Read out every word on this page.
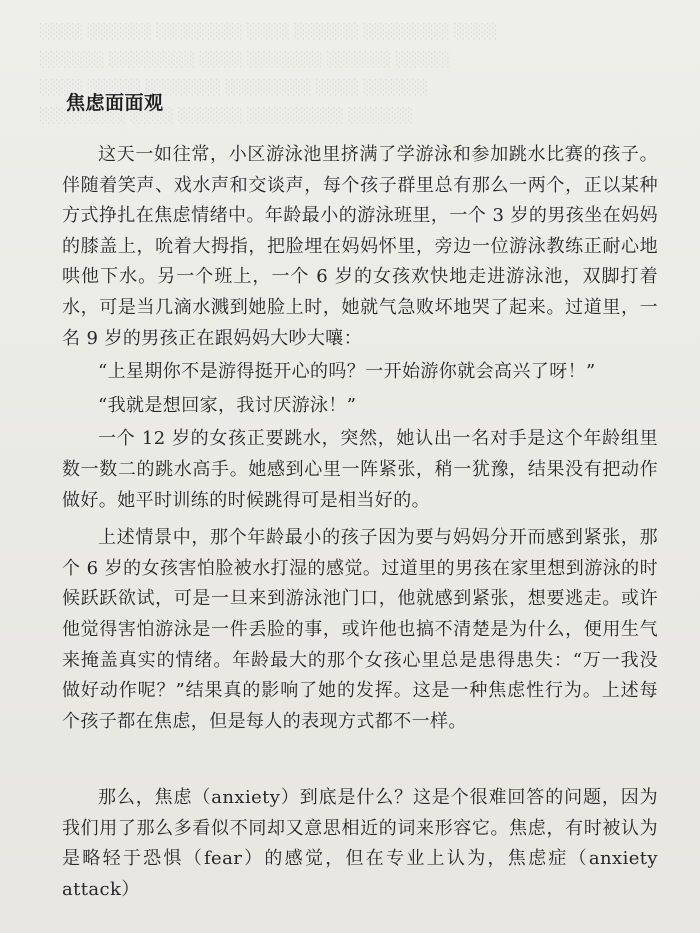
░░░░ ░░░░░░ ░░░░░░░░ ░░░░ ░░░░░░ ░░░░░░░░ ░░░░
░░░░░░ ░░░░░░░░ ░░░░ ░░░░░░░ ░░░░░░ ░░░░░
░░░░ ░░░░░ ░░░░░░░ ░░░░░░░░ ░░░░ ░░░░░░
░░░░░░░░ ░░░░ ░░░░░░ ░░░░░░░░░ ░░░░░░
焦虑面面观

这天一如往常，小区游泳池里挤满了学游泳和参加跳水比赛的孩子。伴随着笑声、戏水声和交谈声，每个孩子群里总有那么一两个，正以某种方式挣扎在焦虑情绪中。年龄最小的游泳班里，一个 3 岁的男孩坐在妈妈的膝盖上，吮着大拇指，把脸埋在妈妈怀里，旁边一位游泳教练正耐心地哄他下水。另一个班上，一个 6 岁的女孩欢快地走进游泳池，双脚打着水，可是当几滴水溅到她脸上时，她就气急败坏地哭了起来。过道里，一名 9 岁的男孩正在跟妈妈大吵大嚷：

“上星期你不是游得挺开心的吗？一开始游你就会高兴了呀！”

“我就是想回家，我讨厌游泳！”

一个 12 岁的女孩正要跳水，突然，她认出一名对手是这个年龄组里数一数二的跳水高手。她感到心里一阵紧张，稍一犹豫，结果没有把动作做好。她平时训练的时候跳得可是相当好的。

上述情景中，那个年龄最小的孩子因为要与妈妈分开而感到紧张，那个 6 岁的女孩害怕脸被水打湿的感觉。过道里的男孩在家里想到游泳的时候跃跃欲试，可是一旦来到游泳池门口，他就感到紧张，想要逃走。或许他觉得害怕游泳是一件丢脸的事，或许他也搞不清楚是为什么，便用生气来掩盖真实的情绪。年龄最大的那个女孩心里总是患得患失：“万一我没做好动作呢？”结果真的影响了她的发挥。这是一种焦虑性行为。上述每个孩子都在焦虑，但是每人的表现方式都不一样。

那么，焦虑（anxiety）到底是什么？这是个很难回答的问题，因为我们用了那么多看似不同却又意思相近的词来形容它。焦虑，有时被认为是略轻于恐惧（fear）的感觉，但在专业上认为，焦虑症（anxiety attack）
